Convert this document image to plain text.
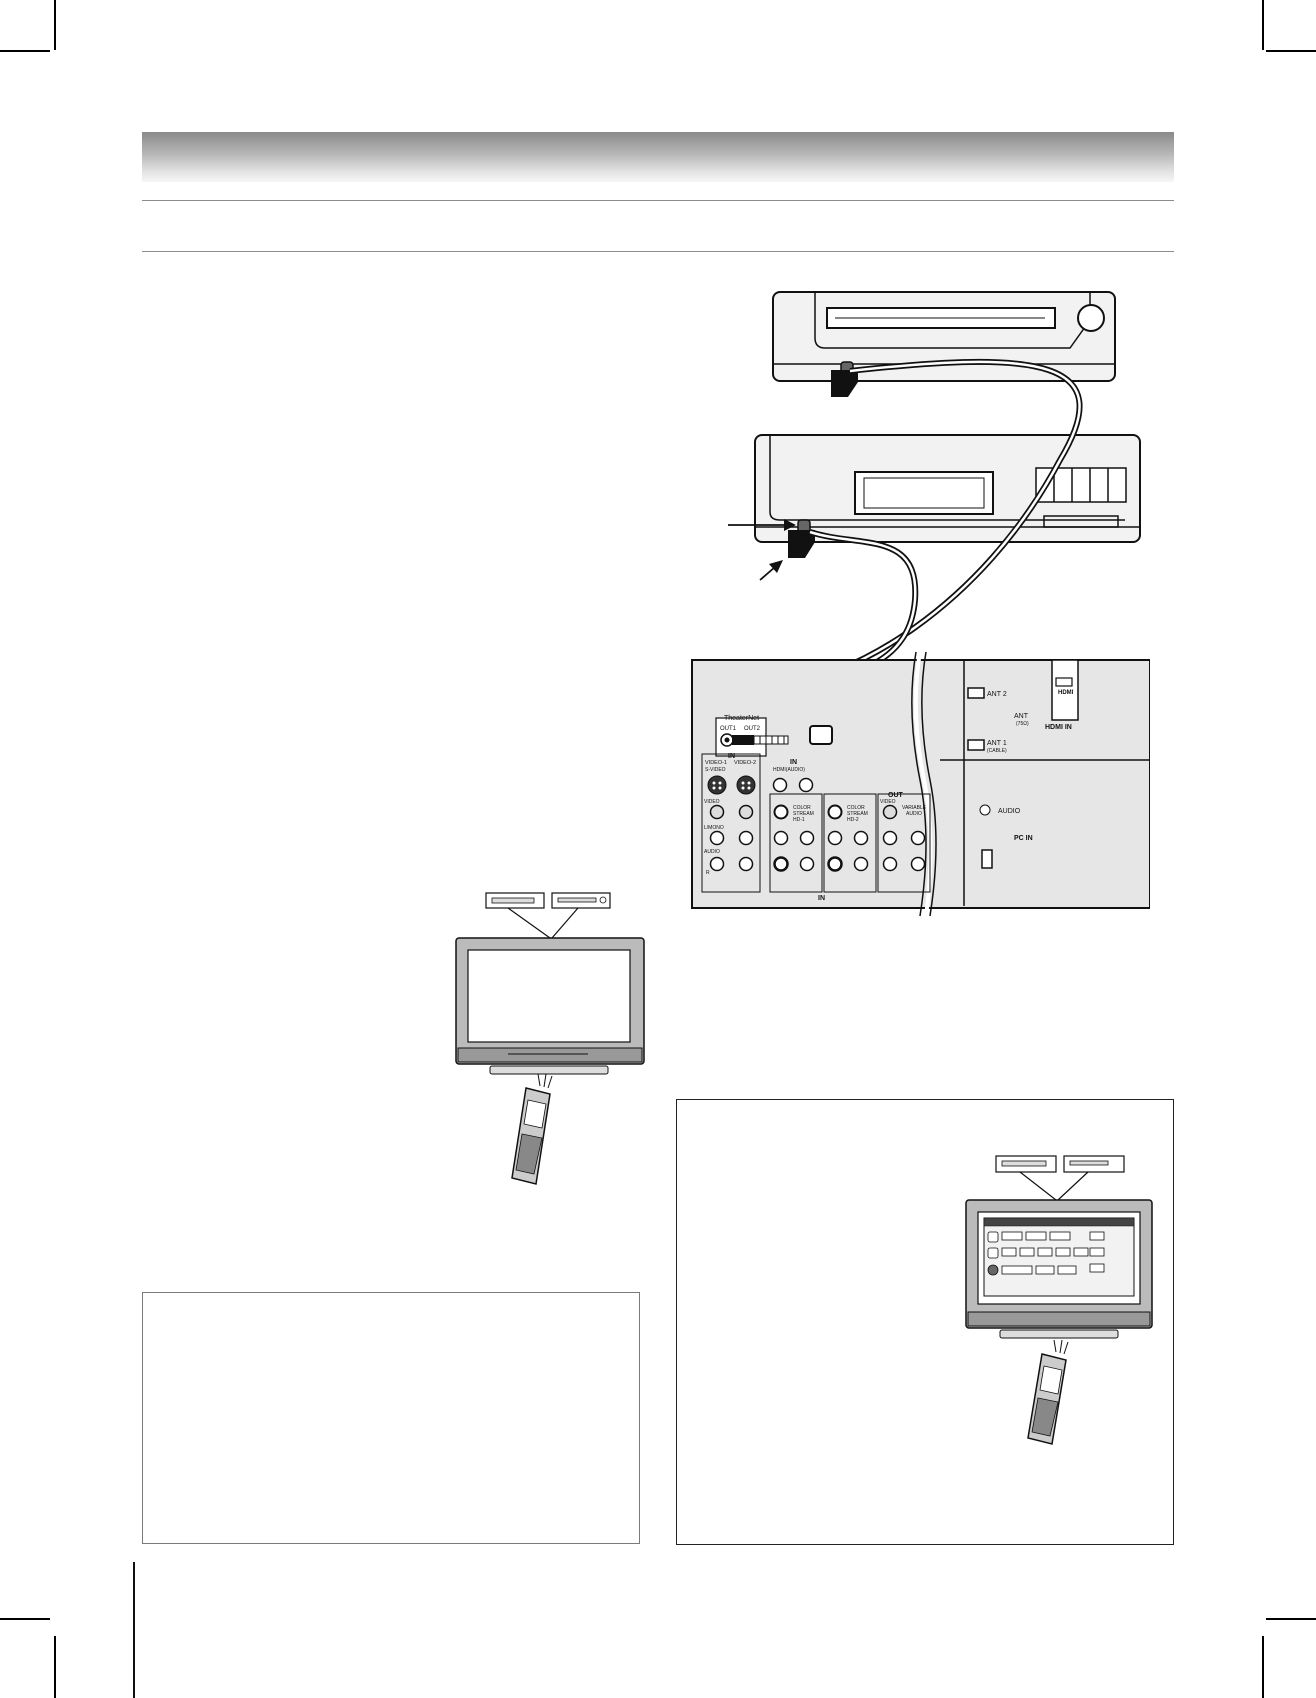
TheaterNet
OUT1 OUT2
IN
VIDEO-1 VIDEO-2
S-VIDEO
VIDEO
L/MONO
AUDIO
R
IN
HDMI(AUDIO)
COLOR
STREAM
HD-1
COLOR
STREAM
HD-2
IN
OUT
VIDEO
VARIABLE
AUDIO
ANT 2
ANT
(75Ω)
ANT 1
(CABLE)
HDMI
HDMI IN
AUDIO
PC IN
